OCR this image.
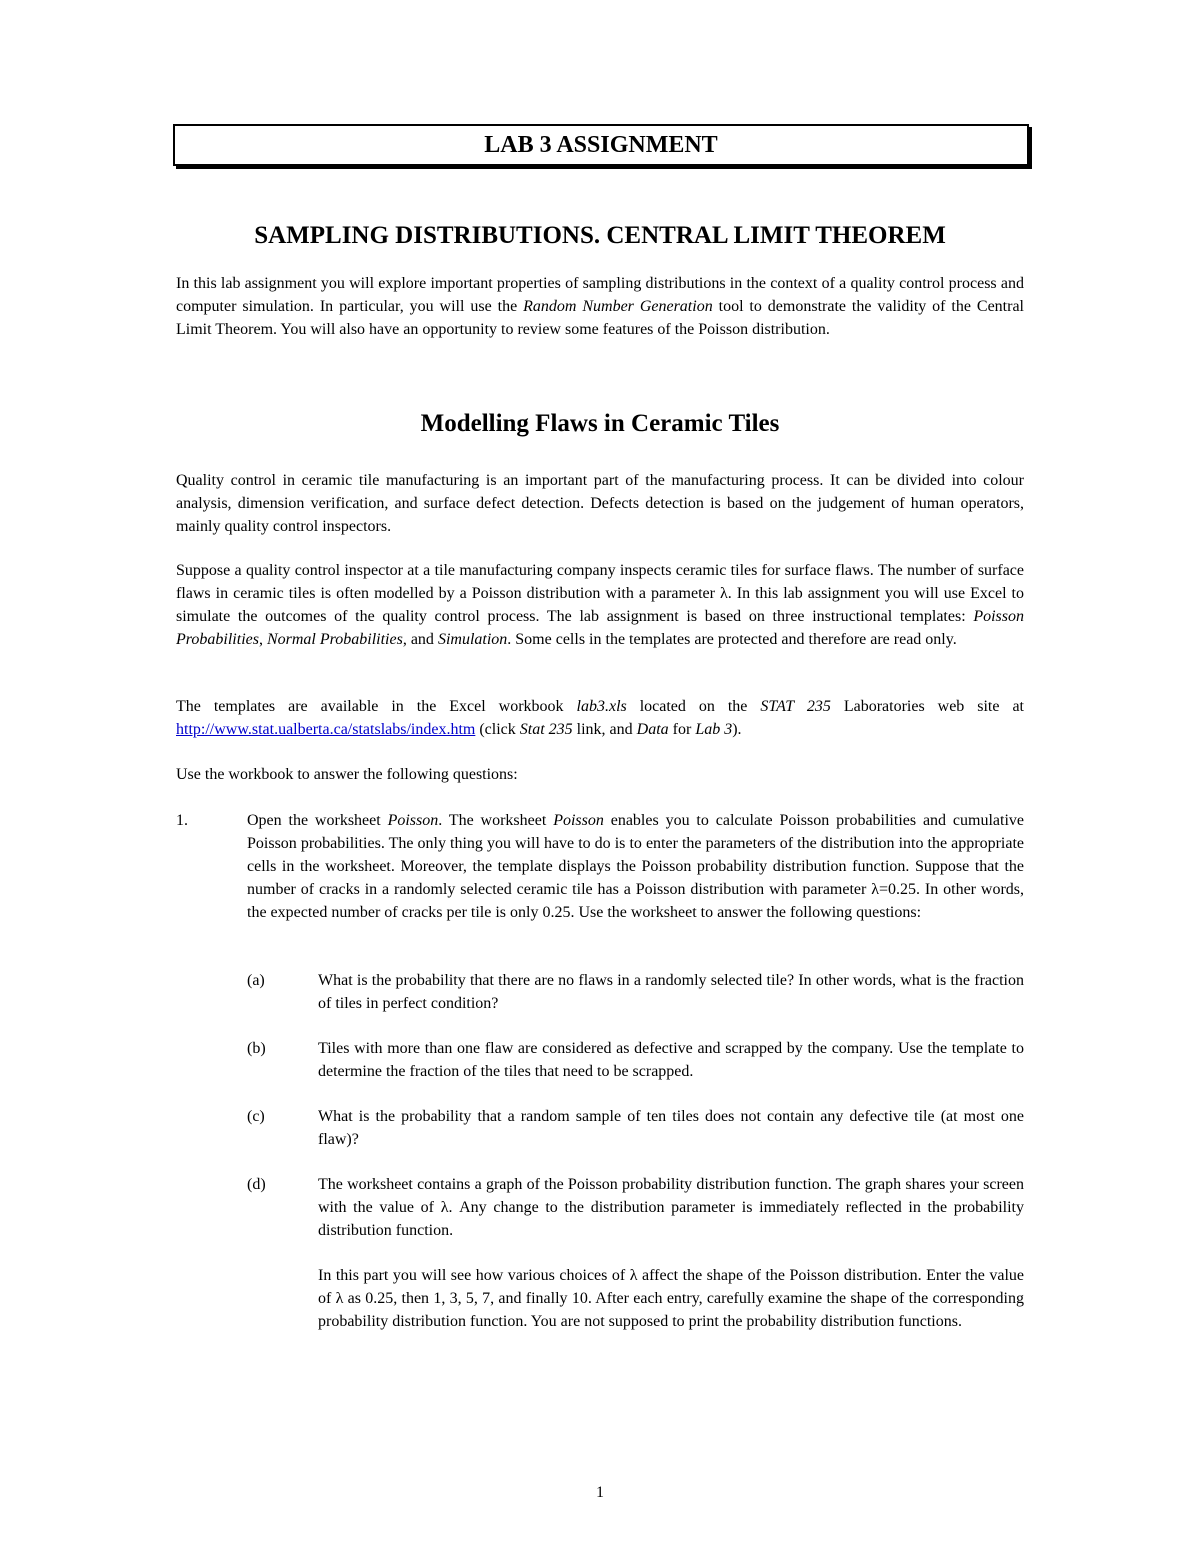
LAB 3 ASSIGNMENT
SAMPLING DISTRIBUTIONS. CENTRAL LIMIT THEOREM

In this lab assignment you will explore important properties of sampling distributions in the context of a quality control process and computer simulation. In particular, you will use the Random Number Generation tool to demonstrate the validity of the Central Limit Theorem. You will also have an opportunity to review some features of the Poisson distribution.

Modelling Flaws in Ceramic Tiles

Quality control in ceramic tile manufacturing is an important part of the manufacturing process. It can be divided into colour analysis, dimension verification, and surface defect detection. Defects detection is based on the judgement of human operators, mainly quality control inspectors.

Suppose a quality control inspector at a tile manufacturing company inspects ceramic tiles for surface flaws. The number of surface flaws in ceramic tiles is often modelled by a Poisson distribution with a parameter λ. In this lab assignment you will use Excel to simulate the outcomes of the quality control process. The lab assignment is based on three instructional templates: Poisson Probabilities, Normal Probabilities, and Simulation. Some cells in the templates are protected and therefore are read only.

The templates are available in the Excel workbook lab3.xls located on the STAT 235 Laboratories web site at http://www.stat.ualberta.ca/statslabs/index.htm (click Stat 235 link, and Data for Lab 3).

Use the workbook to answer the following questions:

1.	Open the worksheet Poisson. The worksheet Poisson enables you to calculate Poisson probabilities and cumulative Poisson probabilities. The only thing you will have to do is to enter the parameters of the distribution into the appropriate cells in the worksheet. Moreover, the template displays the Poisson probability distribution function. Suppose that the number of cracks in a randomly selected ceramic tile has a Poisson distribution with parameter λ=0.25. In other words, the expected number of cracks per tile is only 0.25. Use the worksheet to answer the following questions:

(a)	What is the probability that there are no flaws in a randomly selected tile? In other words, what is the fraction of tiles in perfect condition?

(b)	Tiles with more than one flaw are considered as defective and scrapped by the company. Use the template to determine the fraction of the tiles that need to be scrapped.

(c)	What is the probability that a random sample of ten tiles does not contain any defective tile (at most one flaw)?

(d)	The worksheet contains a graph of the Poisson probability distribution function. The graph shares your screen with the value of λ. Any change to the distribution parameter is immediately reflected in the probability distribution function.

In this part you will see how various choices of λ affect the shape of the Poisson distribution. Enter the value of λ as 0.25, then 1, 3, 5, 7, and finally 10. After each entry, carefully examine the shape of the corresponding probability distribution function. You are not supposed to print the probability distribution functions.

1
